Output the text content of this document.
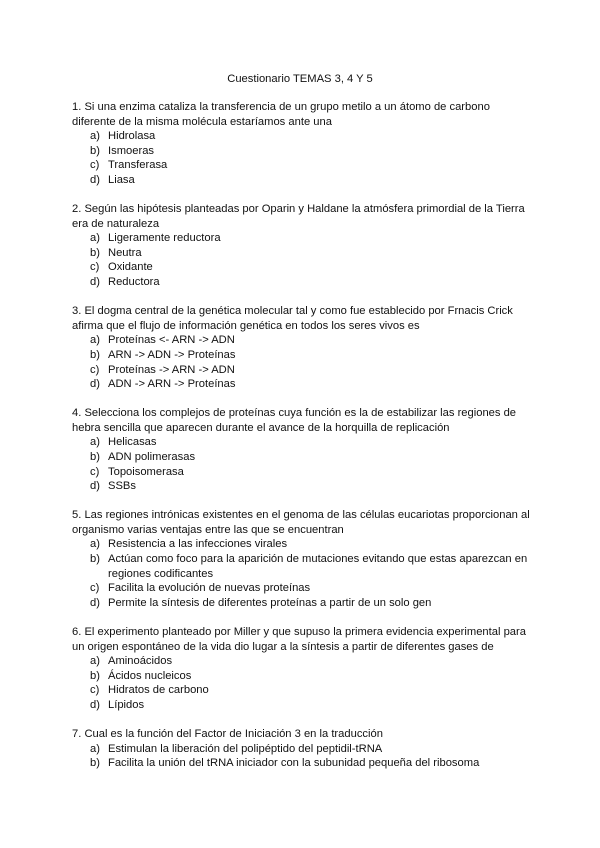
Cuestionario TEMAS 3, 4 Y 5

1. Si una enzima cataliza la transferencia de un grupo metilo a un átomo de carbono diferente de la misma molécula estaríamos ante una

a) Hidrolasa
b) Ismoeras
c) Transferasa
d) Liasa

2. Según las hipótesis planteadas por Oparin y Haldane la atmósfera primordial de la Tierra era de naturaleza

a) Ligeramente reductora
b) Neutra
c) Oxidante
d) Reductora

3. El dogma central de la genética molecular tal y como fue establecido por Frnacis Crick afirma que el flujo de información genética en todos los seres vivos es

a) Proteínas <- ARN -> ADN
b) ARN -> ADN -> Proteínas
c) Proteínas -> ARN -> ADN
d) ADN -> ARN -> Proteínas

4. Selecciona los complejos de proteínas cuya función es la de estabilizar las regiones de hebra sencilla que aparecen durante el avance de la horquilla de replicación

a) Helicasas
b) ADN polimerasas
c) Topoisomerasa
d) SSBs

5. Las regiones intrónicas existentes en el genoma de las células eucariotas proporcionan al organismo varias ventajas entre las que se encuentran

a) Resistencia a las infecciones virales
b) Actúan como foco para la aparición de mutaciones evitando que estas aparezcan en regiones codificantes
c) Facilita la evolución de nuevas proteínas
d) Permite la síntesis de diferentes proteínas a partir de un solo gen

6. El experimento planteado por Miller y que supuso la primera evidencia experimental para un origen espontáneo de la vida dio lugar a la síntesis a partir de diferentes gases de

a) Aminoácidos
b) Ácidos nucleicos
c) Hidratos de carbono
d) Lípidos

7. Cual es la función del Factor de Iniciación 3 en la traducción

a) Estimulan la liberación del polipéptido del peptidil-tRNA
b) Facilita la unión del tRNA iniciador con la subunidad pequeña del ribosoma
